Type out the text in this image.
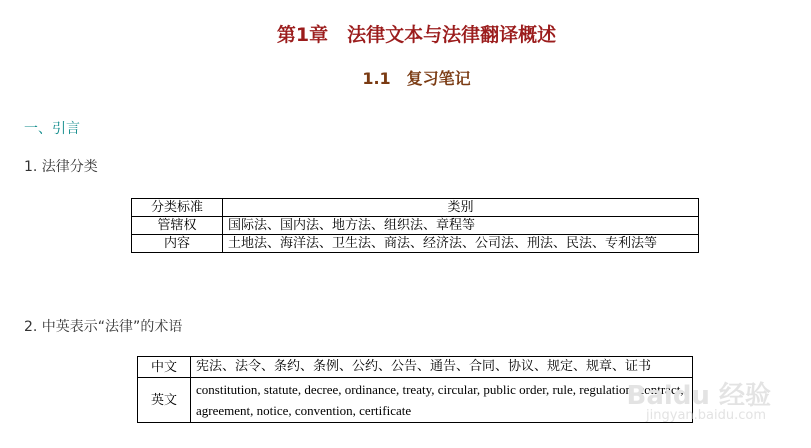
第1章　法律文本与法律翻译概述
1.1　复习笔记
一、引言
1. 法律分类
分类标准	类别
管辖权	国际法、国内法、地方法、组织法、章程等
内容	土地法、海洋法、卫生法、商法、经济法、公司法、刑法、民法、专利法等
2. 中英表示“法律”的术语
中文	宪法、法令、条约、条例、公约、公告、通告、合同、协议、规定、规章、证书
英文	constitution, statute, decree, ordinance, treaty, circular, public order, rule, regulation, contract, agreement, notice, convention, certificate	Baidu 经验
jingyan.baidu.com
